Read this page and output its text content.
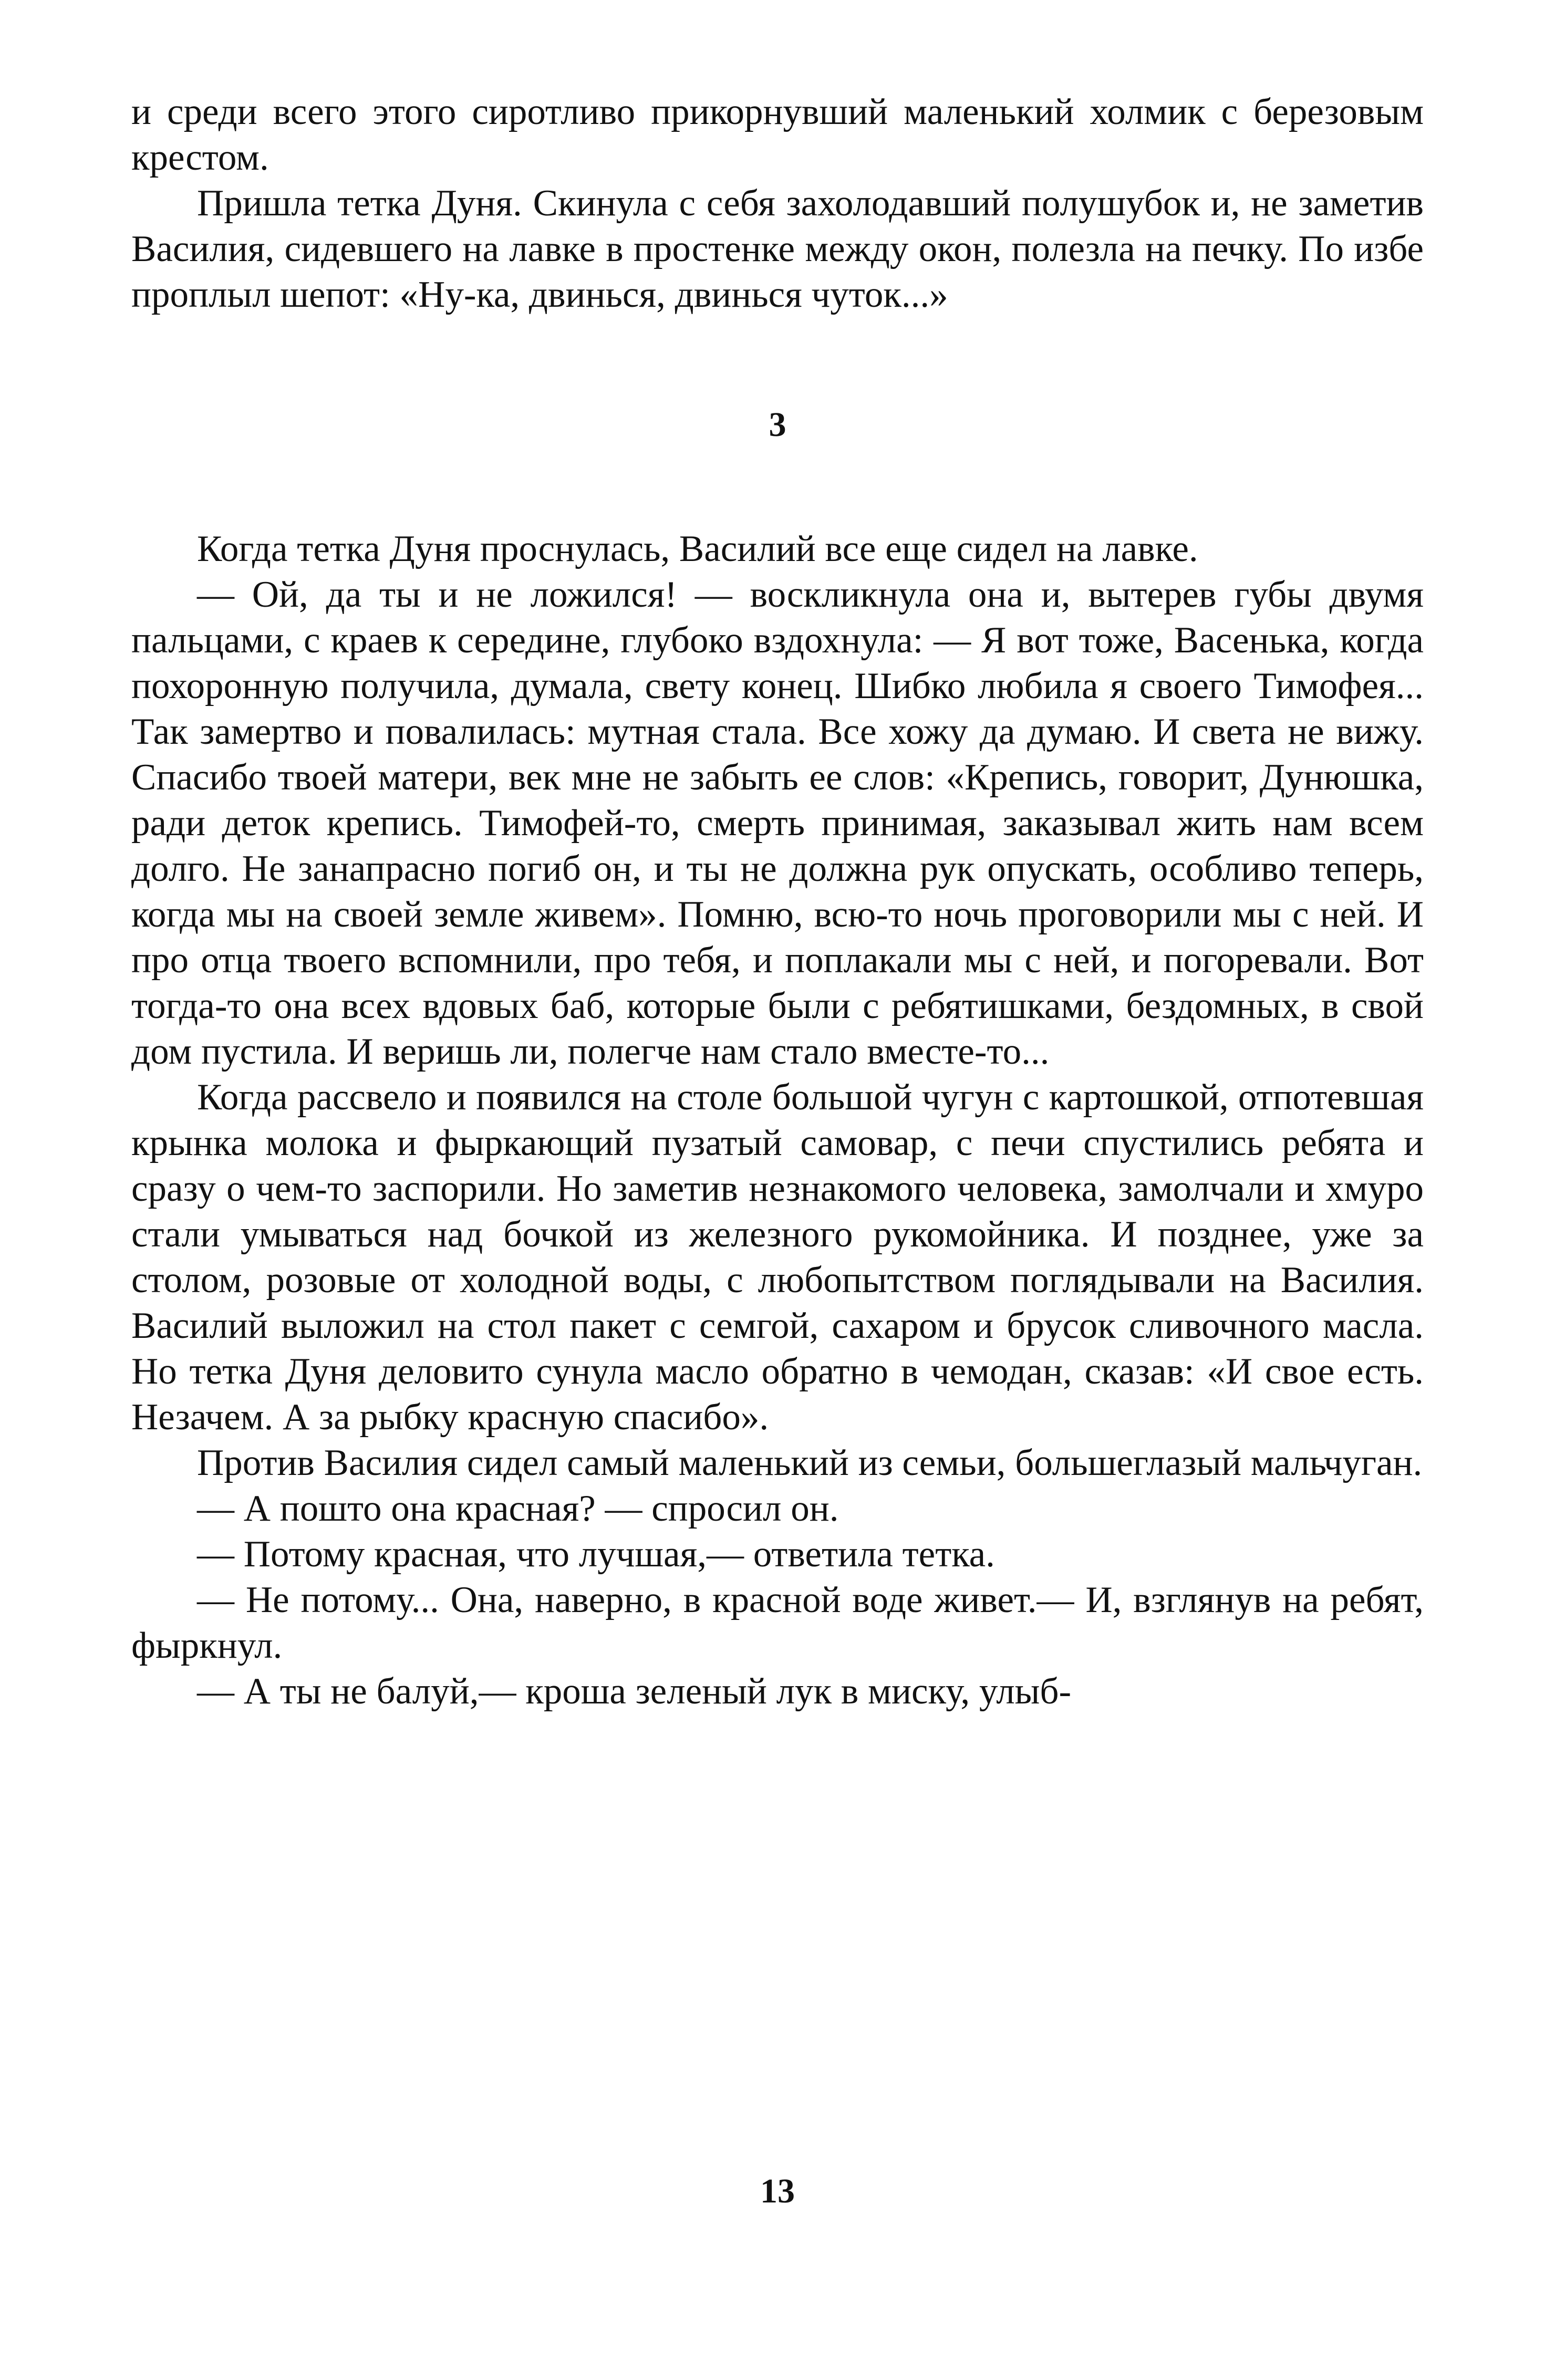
и среди всего этого сиротливо прикорнувший маленький холмик с березовым крестом.

Пришла тетка Дуня. Скинула с себя захолодавший полушубок и, не заметив Василия, сидевшего на лавке в простенке между окон, полезла на печку. По избе проплыл шепот: «Ну-ка, двинься, двинься чуток...»

3

Когда тетка Дуня проснулась, Василий все еще сидел на лавке.

— Ой, да ты и не ложился! — воскликнула она и, вытерев губы двумя пальцами, с краев к середине, глубоко вздохнула: — Я вот тоже, Васенька, когда похоронную получила, думала, свету конец. Шибко любила я своего Тимофея... Так замертво и повалилась: мутная стала. Все хожу да думаю. И света не вижу. Спасибо твоей матери, век мне не забыть ее слов: «Крепись, говорит, Дунюшка, ради деток крепись. Тимофей-то, смерть принимая, заказывал жить нам всем долго. Не занапрасно погиб он, и ты не должна рук опускать, особливо теперь, когда мы на своей земле живем». Помню, всю-то ночь проговорили мы с ней. И про отца твоего вспомнили, про тебя, и поплакали мы с ней, и погоревали. Вот тогда-то она всех вдовых баб, которые были с ребятишками, бездомных, в свой дом пустила. И веришь ли, полегче нам стало вместе-то...

Когда рассвело и появился на столе большой чугун с картошкой, отпотевшая крынка молока и фыркающий пузатый самовар, с печи спустились ребята и сразу о чем-то заспорили. Но заметив незнакомого человека, замолчали и хмуро стали умываться над бочкой из железного рукомойника. И позднее, уже за столом, розовые от холодной воды, с любопытством поглядывали на Василия. Василий выложил на стол пакет с семгой, сахаром и брусок сливочного масла. Но тетка Дуня деловито сунула масло обратно в чемодан, сказав: «И свое есть. Незачем. А за рыбку красную спасибо».

Против Василия сидел самый маленький из семьи, большеглазый мальчуган.

— А пошто она красная? — спросил он.

— Потому красная, что лучшая,— ответила тетка.

— Не потому... Она, наверно, в красной воде живет.— И, взглянув на ребят, фыркнул.

— А ты не балуй,— кроша зеленый лук в миску, улыб-

13
